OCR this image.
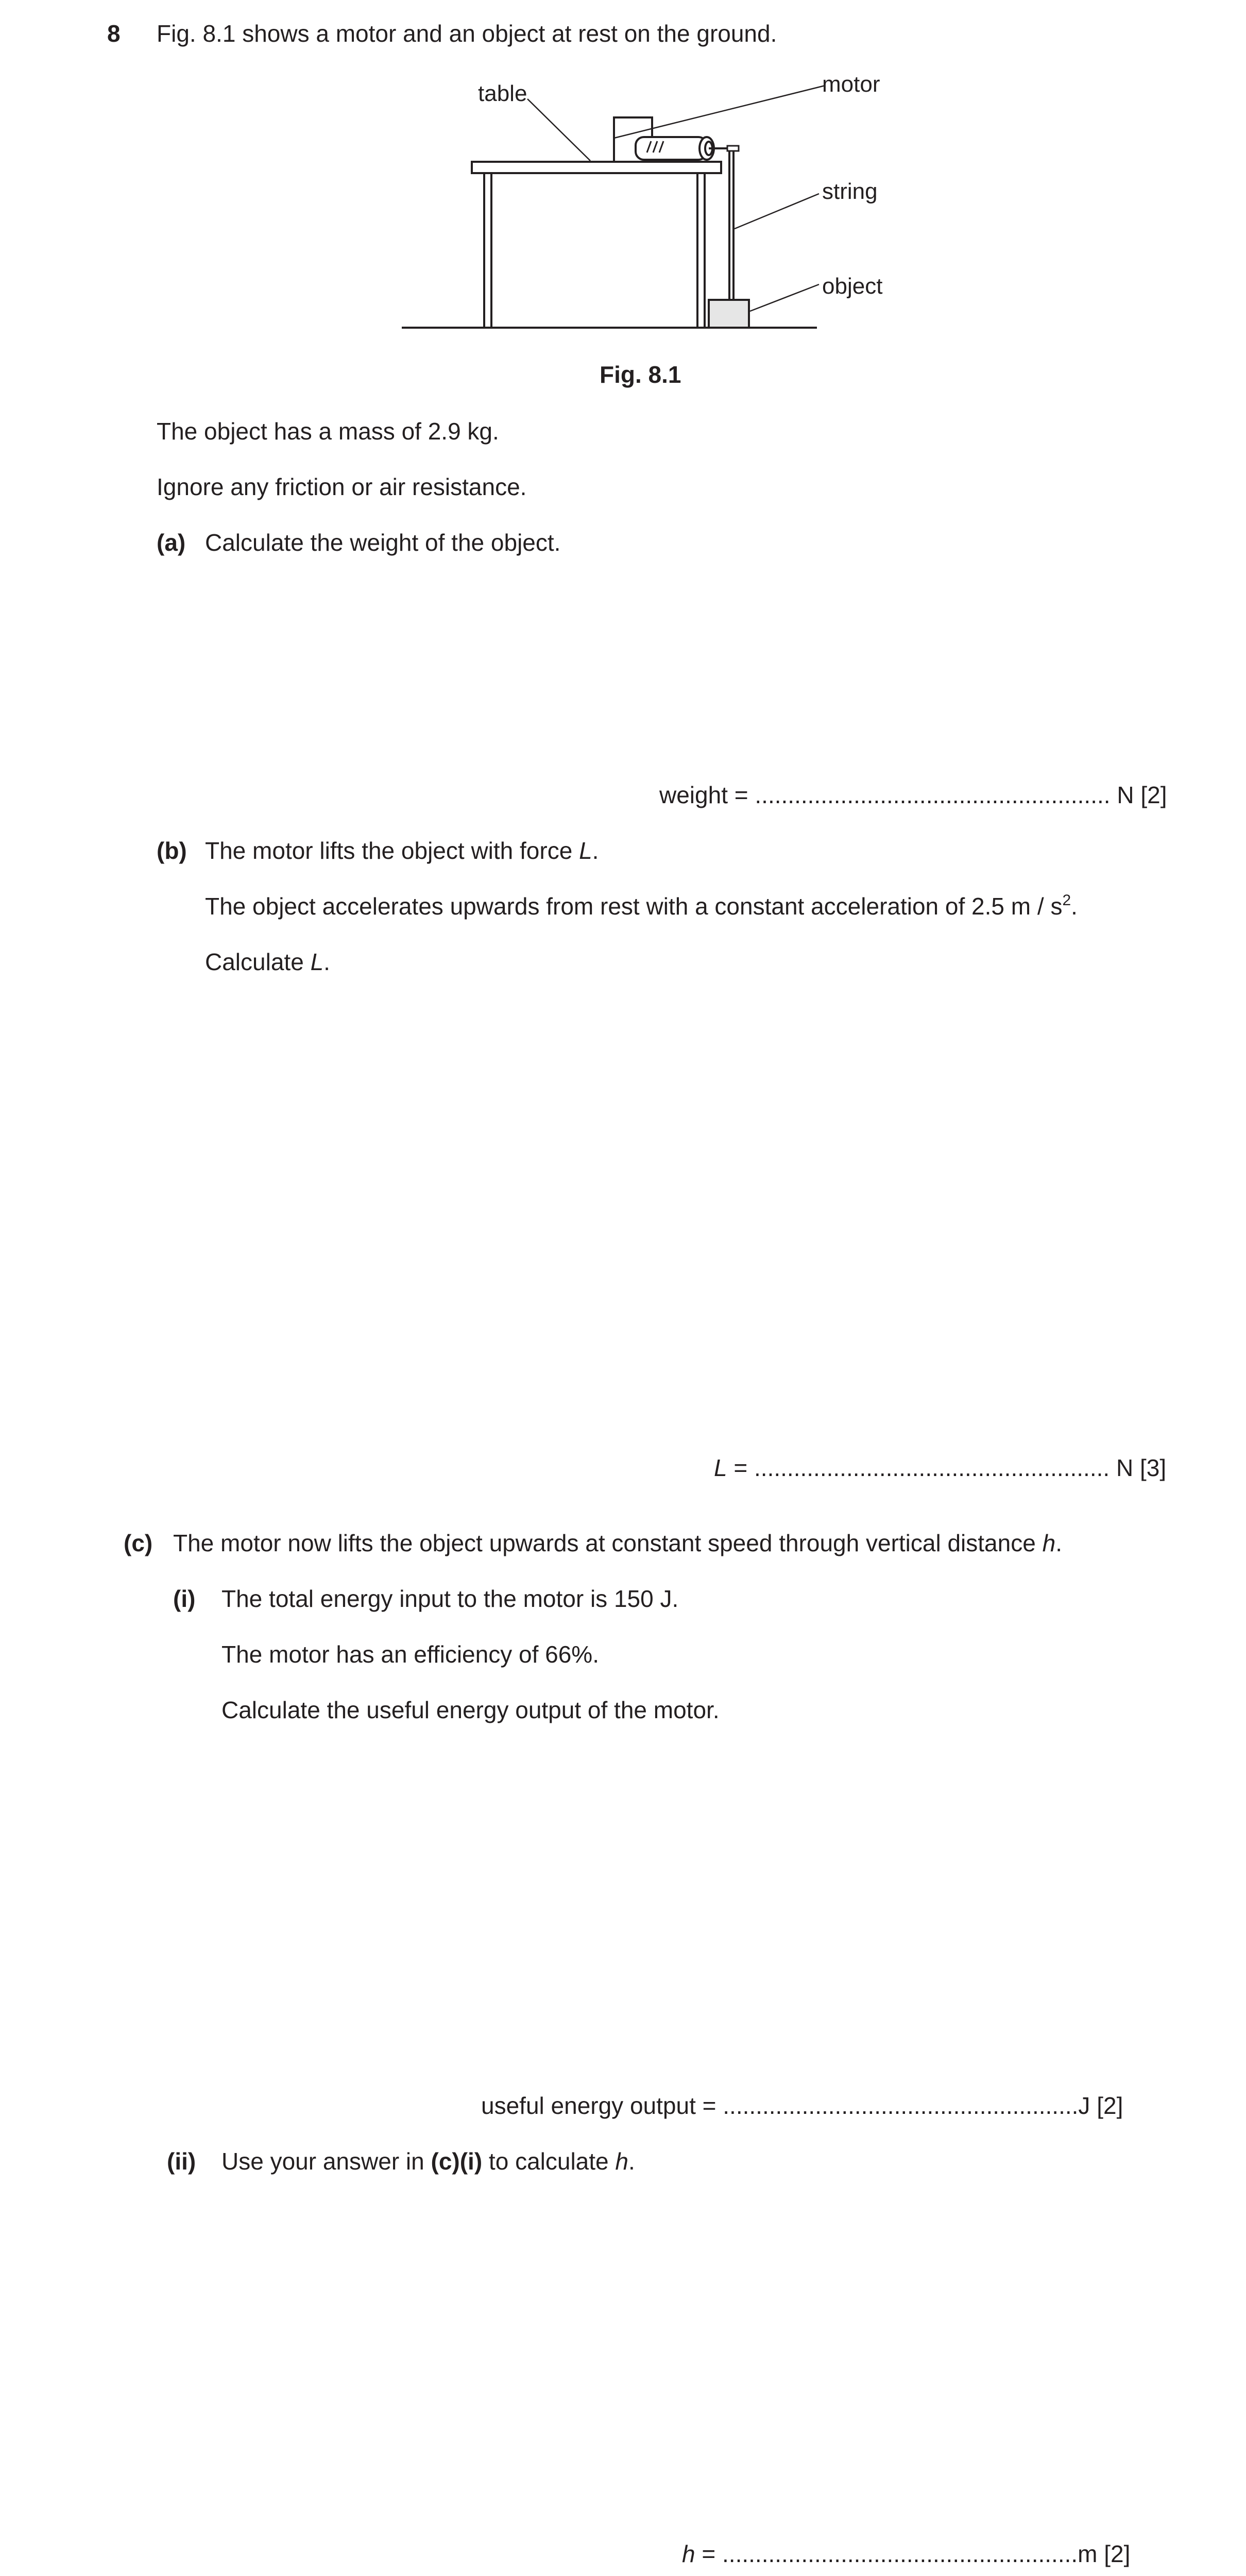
8 Fig. 8.1 shows a motor and an object at rest on the ground.
table	motor
string
object
Fig. 8.1
The object has a mass of 2.9 kg.
Ignore any friction or air resistance.
(a) Calculate the weight of the object.
weight = ...................................................... N [2]
(b) The motor lifts the object with force L.
The object accelerates upwards from rest with a constant acceleration of 2.5 m / $s^2$.
Calculate L.
L = ...................................................... N [3]
(c) The motor now lifts the object upwards at constant speed through vertical distance h.
(i) The total energy input to the motor is 150 J.
The motor has an efficiency of 66%.
Calculate the useful energy output of the motor.
useful energy output = ......................................................J [2]
(ii) Use your answer in (c)(i) to calculate h.
h = ......................................................m [2]
